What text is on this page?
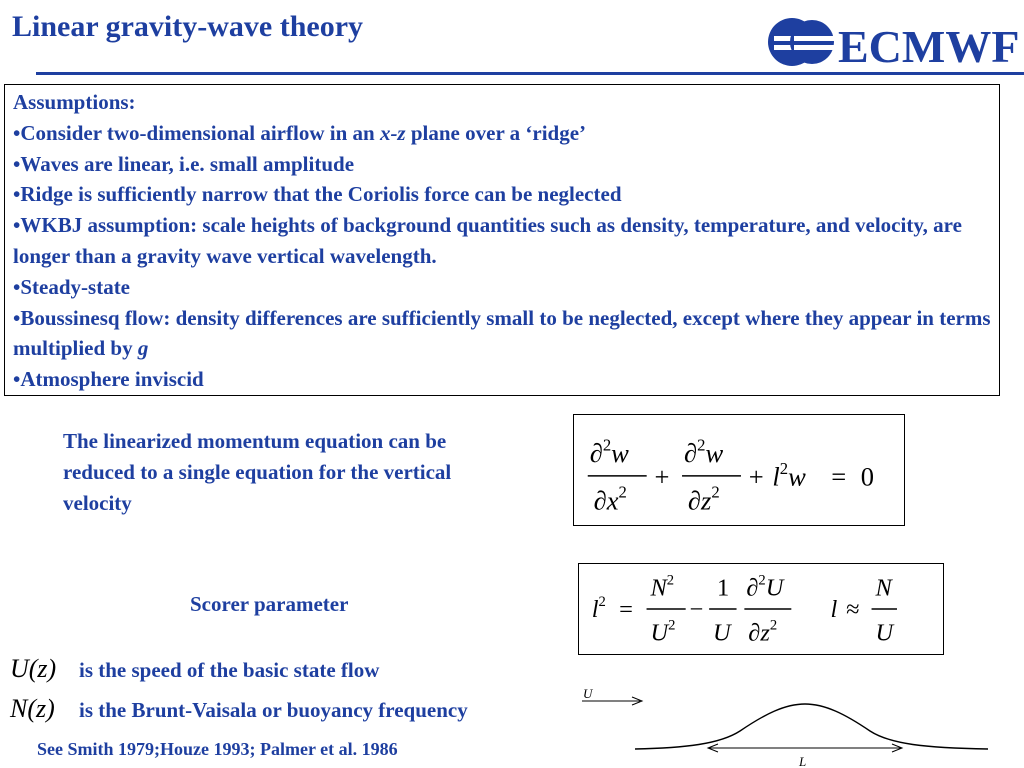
Linear gravity-wave theory	ECMWF

Assumptions:

• Consider two-dimensional airflow in an x-z plane over a ‘ridge’

• Waves are linear, i.e. small amplitude

• Ridge is sufficiently narrow that the Coriolis force can be neglected

• WKBJ assumption: scale heights of background quantities such as density, temperature, and velocity, are longer than a gravity wave vertical wavelength.

• Steady-state

• Boussinesq flow: density differences are sufficiently small to be neglected, except where they appear in terms multiplied by g

• Atmosphere inviscid

The linearized momentum equation can be reduced to a single equation for the vertical velocity
∂$^2$w
$\partial x^2$
+
∂$^2$w
$\partial z^2$
+ $l^2w = 0$
Scorer parameter	$l^2$ =
$N^2$
$U^2$
−
1
U
∂$^2$U
$\partial z^2$
l ≈
N
U
U(z) is the speed of the basic state flow
N(z) is the Brunt-Vaisala or buoyancy frequency
See Smith 1979;Houze 1993; Palmer et al. 1986
U
L
